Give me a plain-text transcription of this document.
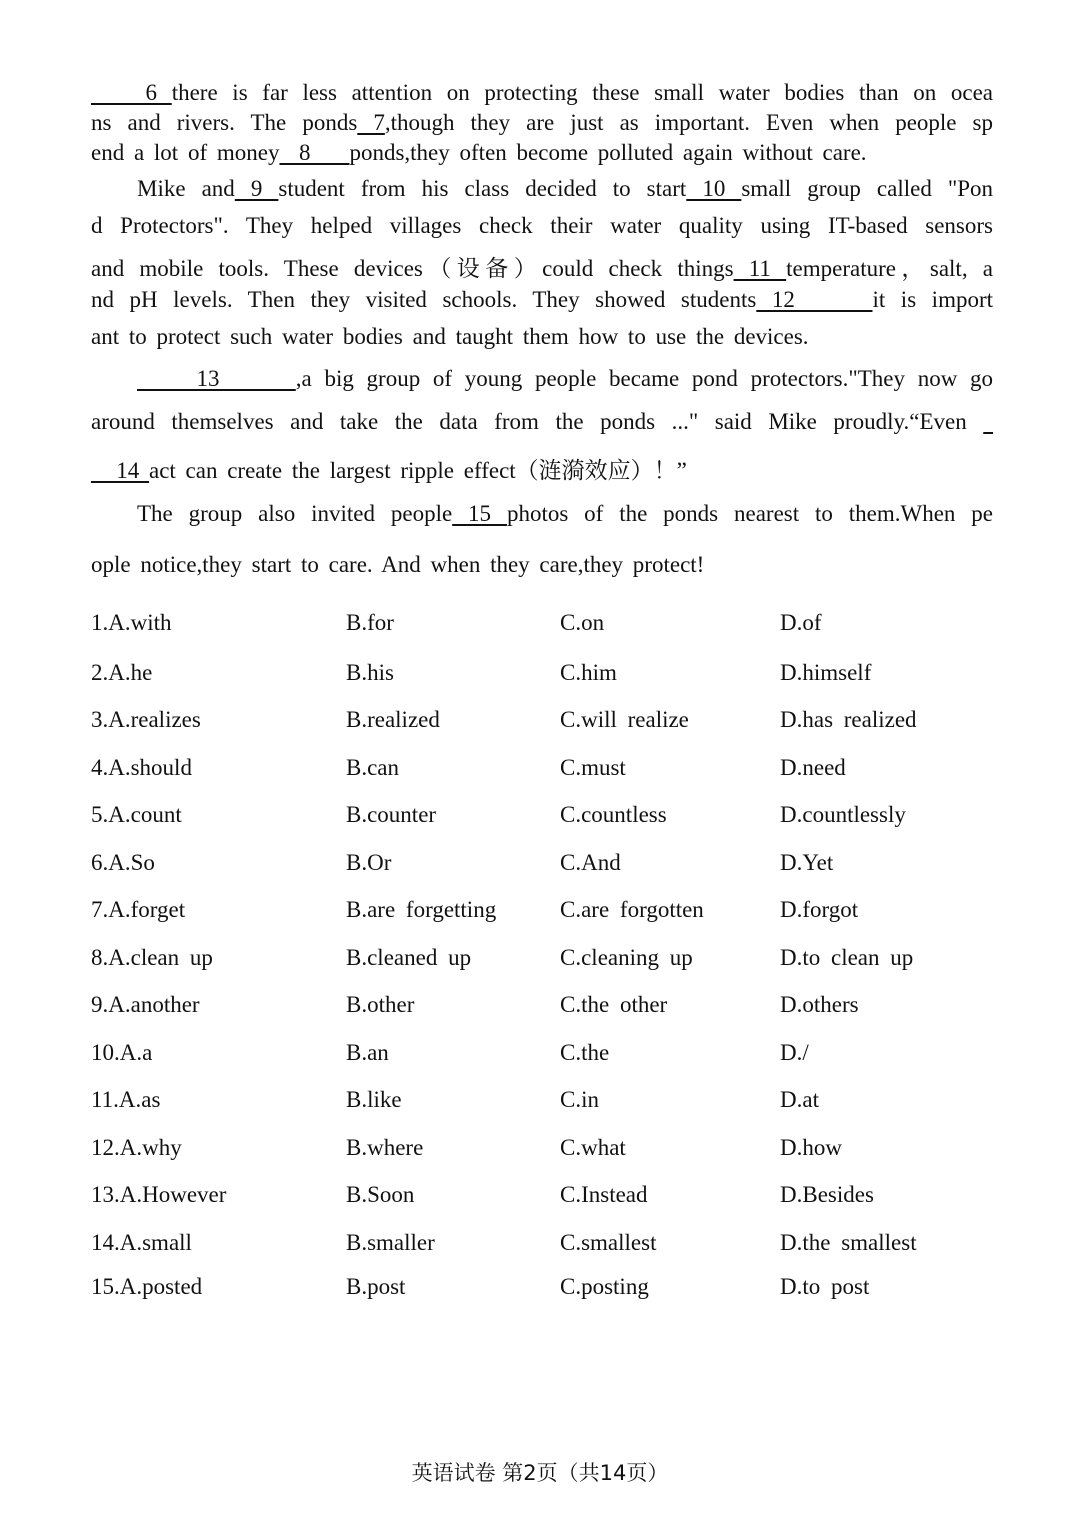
6 there is far less attention on protecting these small water bodies than on ocea
ns and rivers. The ponds 7,though they are just as important. Even when people sp
end a lot of money  8    ponds,they often become polluted again without care.
Mike and 9 student from his class decided to start 10 small group called "Pon
d Protectors". They helped villages check their water quality using IT-based sensors
and mobile tools. These devices（设备）could check things 11 temperature，salt, a
nd pH levels. Then they visited schools. They showed students 12     it is import
ant to protect such water bodies and taught them how to use the devices.
13      ,a big group of young people became pond protectors."They now go
around themselves and take the data from the ponds ..." said Mike proudly.“Even
14 act can create the largest ripple effect（涟漪效应）！”
The group also invited people 15 photos of the ponds nearest to them.When pe
ople notice,they start to care. And when they care,they protect!
1.A.with	B.for	C.on	D.of
2.A.he	B.his	C.him	D.himself
3.A.realizes	B.realized	C.will realize	D.has realized
4.A.should	B.can	C.must	D.need
5.A.count	B.counter	C.countless	D.countlessly
6.A.So	B.Or	C.And	D.Yet
7.A.forget	B.are forgetting	C.are forgotten	D.forgot
8.A.clean up	B.cleaned up	C.cleaning up	D.to clean up
9.A.another	B.other	C.the other	D.others
10.A.a	B.an	C.the	D./
11.A.as	B.like	C.in	D.at
12.A.why	B.where	C.what	D.how
13.A.However	B.Soon	C.Instead	D.Besides
14.A.small	B.smaller	C.smallest	D.the smallest
15.A.posted	B.post	C.posting	D.to post
英语试卷 第2页（共14页）
